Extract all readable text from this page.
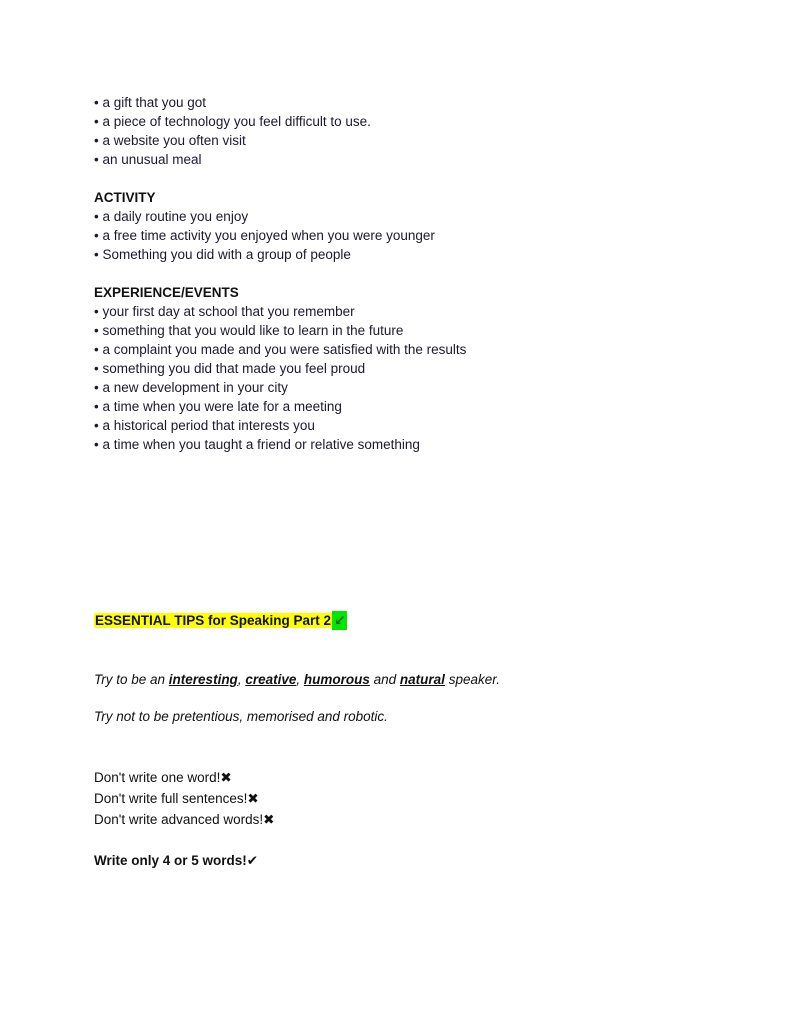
• a gift that you got
• a piece of technology you feel difficult to use.
• a website you often visit
• an unusual meal
ACTIVITY
• a daily routine you enjoy
• a free time activity you enjoyed when you were younger
• Something you did with a group of people
EXPERIENCE/EVENTS
• your first day at school that you remember
• something that you would like to learn in the future
• a complaint you made and you were satisfied with the results
• something you did that made you feel proud
• a new development in your city
• a time when you were late for a meeting
• a historical period that interests you
• a time when you taught a friend or relative something
ESSENTIAL TIPS for Speaking Part 2 ↙
Try to be an interesting, creative, humorous and natural speaker.
Try not to be pretentious, memorised and robotic.
Don't write one word!✖
Don't write full sentences!✖
Don't write advanced words!✖
Write only 4 or 5 words!✔
